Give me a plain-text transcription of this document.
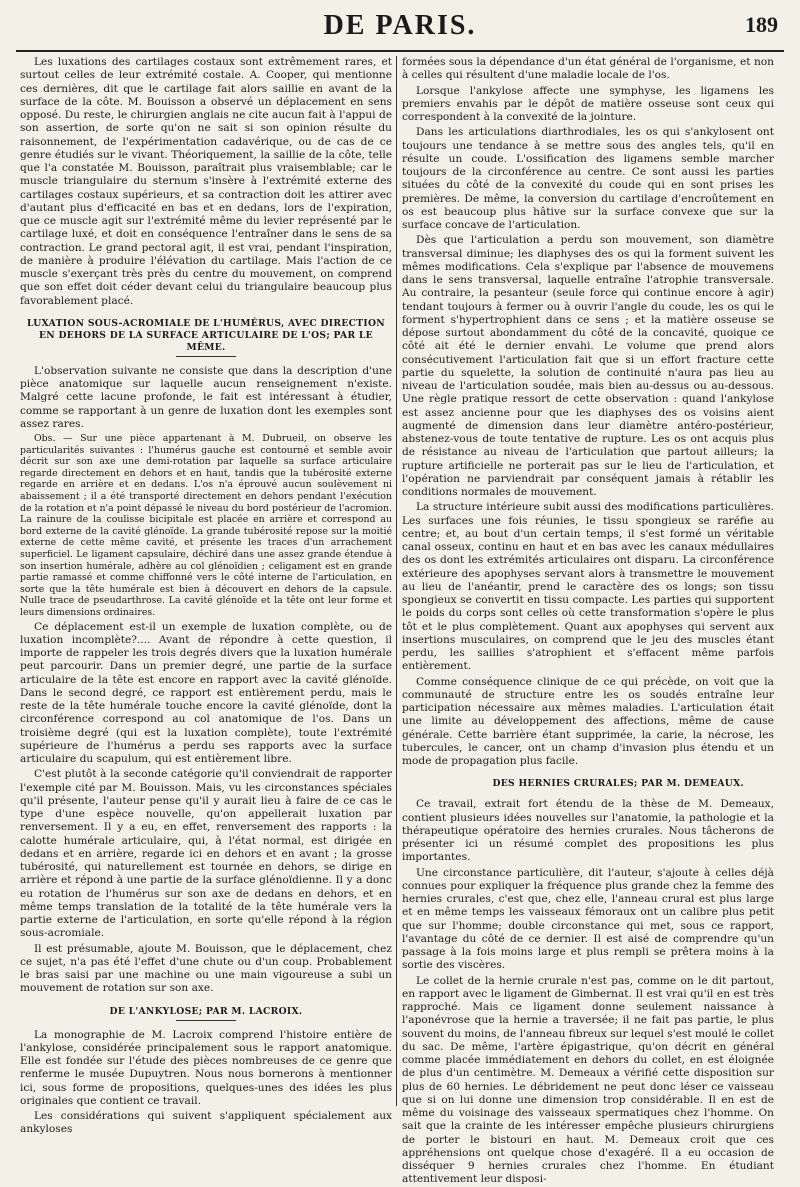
DE PARIS.	189

Les luxations des cartilages costaux sont extrêmement rares, et surtout celles de leur extrémité costale. A. Cooper, qui mentionne ces dernières, dit que le cartilage fait alors saillie en avant de la surface de la côte. M. Bouisson a observé un déplacement en sens opposé. Du reste, le chirurgien anglais ne cite aucun fait à l'appui de son assertion, de sorte qu'on ne sait si son opinion résulte du raisonnement, de l'expérimentation cadavérique, ou de cas de ce genre étudiés sur le vivant. Théoriquement, la saillie de la côte, telle que l'a constatée M. Bouisson, paraîtrait plus vraisemblable; car le muscle triangulaire du sternum s'insère à l'extrémité externe des cartilages costaux supérieurs, et sa contraction doit les attirer avec d'autant plus d'efficacité en bas et en dedans, lors de l'expiration, que ce muscle agit sur l'extrémité même du levier représenté par le cartilage luxé, et doit en conséquence l'entraîner dans le sens de sa contraction. Le grand pectoral agit, il est vrai, pendant l'inspiration, de manière à produire l'élévation du cartilage. Mais l'action de ce muscle s'exerçant très près du centre du mouvement, on comprend que son effet doit céder devant celui du triangulaire beaucoup plus favorablement placé.

LUXATION SOUS-ACROMIALE DE L'HUMÉRUS, AVEC DIRECTION EN DEHORS DE LA SURFACE ARTICULAIRE DE L'OS; PAR LE MÊME.

L'observation suivante ne consiste que dans la description d'une pièce anatomique sur laquelle aucun renseignement n'existe. Malgré cette lacune profonde, le fait est intéressant à étudier, comme se rapportant à un genre de luxation dont les exemples sont assez rares.

Obs. — Sur une pièce appartenant à M. Dubrueil, on observe les particularités suivantes : l'humérus gauche est contourné et semble avoir décrit sur son axe une demi-rotation par laquelle sa surface articulaire regarde directement en dehors et en haut, tandis que la tubérosité externe regarde en arrière et en dedans. L'os n'a éprouvé aucun soulèvement ni abaissement ; il a été transporté directement en dehors pendant l'exécution de la rotation et n'a point dépassé le niveau du bord postérieur de l'acromion. La rainure de la coulisse bicipitale est placée en arrière et correspond au bord externe de la cavité glénoïde. La grande tubérosité repose sur la moitié externe de cette même cavité, et présente les traces d'un arrachement superficiel. Le ligament capsulaire, déchiré dans une assez grande étendue à son insertion humérale, adhère au col glénoïdien ; celigament est en grande partie ramassé et comme chiffonné vers le côté interne de l'articulation, en sorte que la tête humérale est bien à découvert en dehors de la capsule. Nulle trace de pseudarthrose. La cavité glénoïde et la tête ont leur forme et leurs dimensions ordinaires.

Ce déplacement est-il un exemple de luxation complète, ou de luxation incomplète?.... Avant de répondre à cette question, il importe de rappeler les trois degrés divers que la luxation humérale peut parcourir. Dans un premier degré, une partie de la surface articulaire de la tête est encore en rapport avec la cavité glénoïde. Dans le second degré, ce rapport est entièrement perdu, mais le reste de la tête humérale touche encore la cavité glénoïde, dont la circonférence correspond au col anatomique de l'os. Dans un troisième degré (qui est la luxation complète), toute l'extrémité supérieure de l'humérus a perdu ses rapports avec la surface articulaire du scapulum, qui est entièrement libre.

C'est plutôt à la seconde catégorie qu'il conviendrait de rapporter l'exemple cité par M. Bouisson. Mais, vu les circonstances spéciales qu'il présente, l'auteur pense qu'il y aurait lieu à faire de ce cas le type d'une espèce nouvelle, qu'on appellerait luxation par renversement. Il y a eu, en effet, renversement des rapports : la calotte humérale articulaire, qui, à l'état normal, est dirigée en dedans et en arrière, regarde ici en dehors et en avant ; la grosse tubérosité, qui naturellement est tournée en dehors, se dirige en arrière et répond à une partie de la surface glénoïdienne. Il y a donc eu rotation de l'humérus sur son axe de dedans en dehors, et en même temps translation de la totalité de la tête humérale vers la partie externe de l'articulation, en sorte qu'elle répond à la région sous-acromiale.

Il est présumable, ajoute M. Bouisson, que le déplacement, chez ce sujet, n'a pas été l'effet d'une chute ou d'un coup. Probablement le bras saisi par une machine ou une main vigoureuse a subi un mouvement de rotation sur son axe.

DE L'ANKYLOSE; PAR M. LACROIX.

La monographie de M. Lacroix comprend l'histoire entière de l'ankylose, considérée principalement sous le rapport anatomique. Elle est fondée sur l'étude des pièces nombreuses de ce genre que renferme le musée Dupuytren. Nous nous bornerons à mentionner ici, sous forme de propositions, quelques-unes des idées les plus originales que contient ce travail.

Les considérations qui suivent s'appliquent spécialement aux ankyloses

formées sous la dépendance d'un état général de l'organisme, et non à celles qui résultent d'une maladie locale de l'os.

Lorsque l'ankylose affecte une symphyse, les ligamens les premiers envahis par le dépôt de matière osseuse sont ceux qui correspondent à la convexité de la jointure.

Dans les articulations diarthrodiales, les os qui s'ankylosent ont toujours une tendance à se mettre sous des angles tels, qu'il en résulte un coude. L'ossification des ligamens semble marcher toujours de la circonférence au centre. Ce sont aussi les parties situées du côté de la convexité du coude qui en sont prises les premières. De même, la conversion du cartilage d'encroûtement en os est beaucoup plus hâtive sur la surface convexe que sur la surface concave de l'articulation.

Dès que l'articulation a perdu son mouvement, son diamètre transversal diminue; les diaphyses des os qui la forment suivent les mêmes modifications. Cela s'explique par l'absence de mouvemens dans le sens transversal, laquelle entraîne l'atrophie transversale. Au contraire, la pesanteur (seule force qui continue encore à agir) tendant toujours à fermer ou à ouvrir l'angle du coude, les os qui le forment s'hypertrophient dans ce sens ; et la matière osseuse se dépose surtout abondamment du côté de la concavité, quoique ce côté ait été le dernier envahi. Le volume que prend alors consécutivement l'articulation fait que si un effort fracture cette partie du squelette, la solution de continuité n'aura pas lieu au niveau de l'articulation soudée, mais bien au-dessus ou au-dessous. Une règle pratique ressort de cette observation : quand l'ankylose est assez ancienne pour que les diaphyses des os voisins aient augmenté de dimension dans leur diamètre antéro-postérieur, abstenez-vous de toute tentative de rupture. Les os ont acquis plus de résistance au niveau de l'articulation que partout ailleurs; la rupture artificielle ne porterait pas sur le lieu de l'articulation, et l'opération ne parviendrait par conséquent jamais à rétablir les conditions normales de mouvement.

La structure intérieure subit aussi des modifications particulières. Les surfaces une fois réunies, le tissu spongieux se raréfie au centre; et, au bout d'un certain temps, il s'est formé un véritable canal osseux, continu en haut et en bas avec les canaux médullaires des os dont les extrémités articulaires ont disparu. La circonférence extérieure des apophyses servant alors à transmettre le mouvement au lieu de l'anéantir, prend le caractère des os longs; son tissu spongieux se convertit en tissu compacte. Les parties qui supportent le poids du corps sont celles où cette transformation s'opère le plus tôt et le plus complètement. Quant aux apophyses qui servent aux insertions musculaires, on comprend que le jeu des muscles étant perdu, les saillies s'atrophient et s'effacent même parfois entièrement.

Comme conséquence clinique de ce qui précède, on voit que la communauté de structure entre les os soudés entraîne leur participation nécessaire aux mêmes maladies. L'articulation était une limite au développement des affections, même de cause générale. Cette barrière étant supprimée, la carie, la nécrose, les tubercules, le cancer, ont un champ d'invasion plus étendu et un mode de propagation plus facile.

DES HERNIES CRURALES; PAR M. DEMEAUX.

Ce travail, extrait fort étendu de la thèse de M. Demeaux, contient plusieurs idées nouvelles sur l'anatomie, la pathologie et la thérapeutique opératoire des hernies crurales. Nous tâcherons de présenter ici un résumé complet des propositions les plus importantes.

Une circonstance particulière, dit l'auteur, s'ajoute à celles déjà connues pour expliquer la fréquence plus grande chez la femme des hernies crurales, c'est que, chez elle, l'anneau crural est plus large et en même temps les vaisseaux fémoraux ont un calibre plus petit que sur l'homme; double circonstance qui met, sous ce rapport, l'avantage du côté de ce dernier. Il est aisé de comprendre qu'un passage à la fois moins large et plus rempli se prêtera moins à la sortie des viscères.

Le collet de la hernie crurale n'est pas, comme on le dit partout, en rapport avec le ligament de Gimbernat. Il est vrai qu'il en est très rapproché. Mais ce ligament donne seulement naissance à l'aponévrose que la hernie a traversée; il ne fait pas partie, le plus souvent du moins, de l'anneau fibreux sur lequel s'est moulé le collet du sac. De même, l'artère épigastrique, qu'on décrit en général comme placée immédiatement en dehors du collet, en est éloignée de plus d'un centimètre. M. Demeaux a vérifié cette disposition sur plus de 60 hernies. Le débridement ne peut donc léser ce vaisseau que si on lui donne une dimension trop considérable. Il en est de même du voisinage des vaisseaux spermatiques chez l'homme. On sait que la crainte de les intéresser empêche plusieurs chirurgiens de porter le bistouri en haut. M. Demeaux croit que ces appréhensions ont quelque chose d'exagéré. Il a eu occasion de disséquer 9 hernies crurales chez l'homme. En étudiant attentivement leur disposi-
